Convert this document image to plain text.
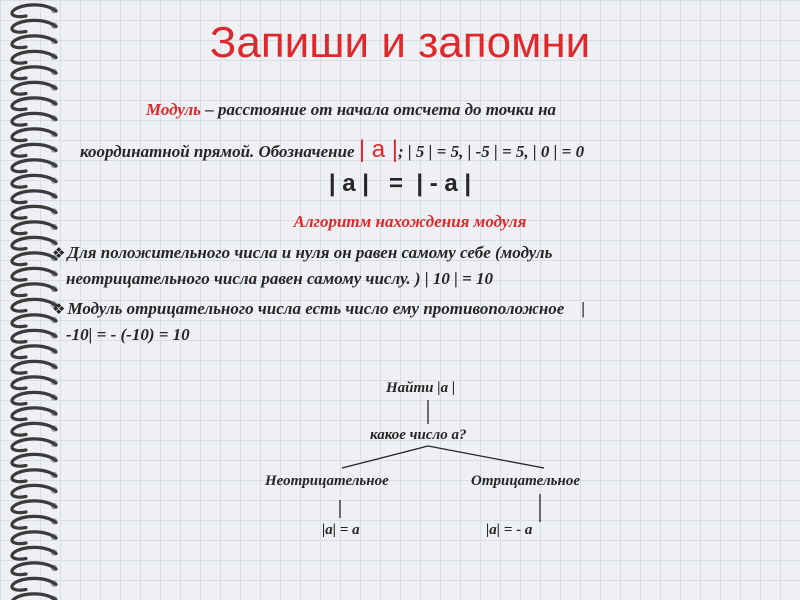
Запиши и запомни
Модуль – расстояние от начала отсчета до точки на
координатной прямой. Обозначение | а |; | 5 | = 5, | -5 | = 5, | 0 | = 0
| а |   =  | - а |
Алгоритм нахождения модуля
❖ Для положительного числа и нуля он равен самому себе (модуль
неотрицательного числа равен самому числу. ) | 10 | = 10
❖ Модуль отрицательного числа есть число ему противоположное    |
-10| = - (-10) = 10
Найти |а |
какое число а?
Неотрицательное	Отрицательное
|а| = а	|а| = - а
